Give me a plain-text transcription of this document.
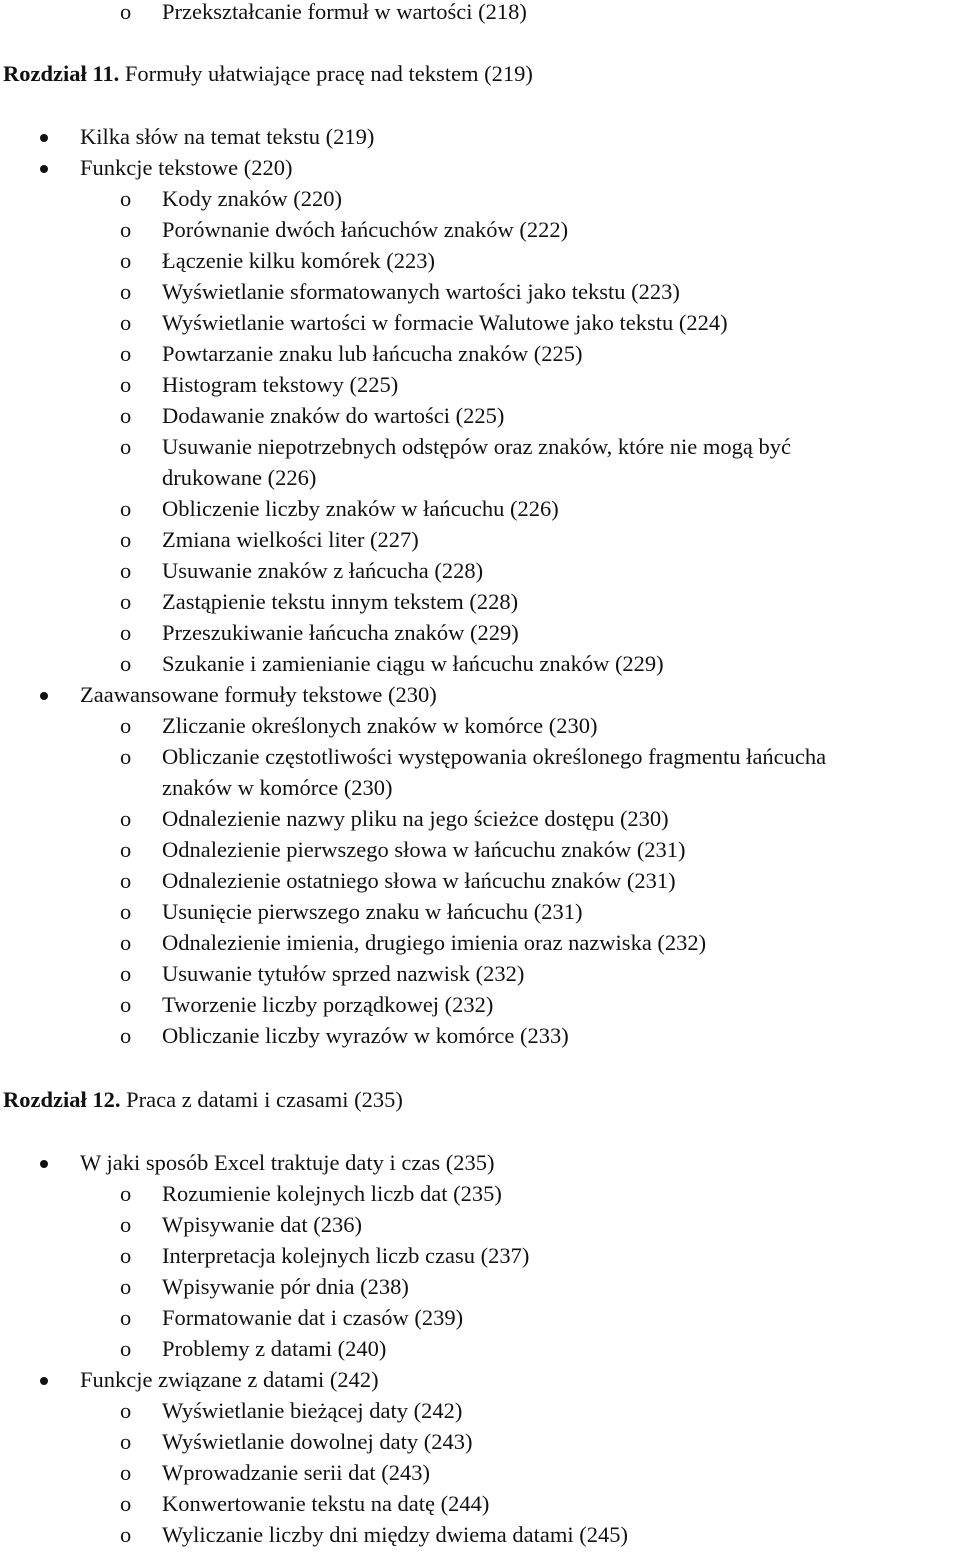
o Przekształcanie formuł w wartości (218)
Rozdział 11. Formuły ułatwiające pracę nad tekstem (219)
Kilka słów na temat tekstu (219)
Funkcje tekstowe (220)
o Kody znaków (220)
o Porównanie dwóch łańcuchów znaków (222)
o Łączenie kilku komórek (223)
o Wyświetlanie sformatowanych wartości jako tekstu (223)
o Wyświetlanie wartości w formacie Walutowe jako tekstu (224)
o Powtarzanie znaku lub łańcucha znaków (225)
o Histogram tekstowy (225)
o Dodawanie znaków do wartości (225)
o Usuwanie niepotrzebnych odstępów oraz znaków, które nie mogą być
drukowane (226)
o Obliczenie liczby znaków w łańcuchu (226)
o Zmiana wielkości liter (227)
o Usuwanie znaków z łańcucha (228)
o Zastąpienie tekstu innym tekstem (228)
o Przeszukiwanie łańcucha znaków (229)
o Szukanie i zamienianie ciągu w łańcuchu znaków (229)
Zaawansowane formuły tekstowe (230)
o Zliczanie określonych znaków w komórce (230)
o Obliczanie częstotliwości występowania określonego fragmentu łańcucha
znaków w komórce (230)
o Odnalezienie nazwy pliku na jego ścieżce dostępu (230)
o Odnalezienie pierwszego słowa w łańcuchu znaków (231)
o Odnalezienie ostatniego słowa w łańcuchu znaków (231)
o Usunięcie pierwszego znaku w łańcuchu (231)
o Odnalezienie imienia, drugiego imienia oraz nazwiska (232)
o Usuwanie tytułów sprzed nazwisk (232)
o Tworzenie liczby porządkowej (232)
o Obliczanie liczby wyrazów w komórce (233)
Rozdział 12. Praca z datami i czasami (235)
W jaki sposób Excel traktuje daty i czas (235)
o Rozumienie kolejnych liczb dat (235)
o Wpisywanie dat (236)
o Interpretacja kolejnych liczb czasu (237)
o Wpisywanie pór dnia (238)
o Formatowanie dat i czasów (239)
o Problemy z datami (240)
Funkcje związane z datami (242)
o Wyświetlanie bieżącej daty (242)
o Wyświetlanie dowolnej daty (243)
o Wprowadzanie serii dat (243)
o Konwertowanie tekstu na datę (244)
o Wyliczanie liczby dni między dwiema datami (245)
